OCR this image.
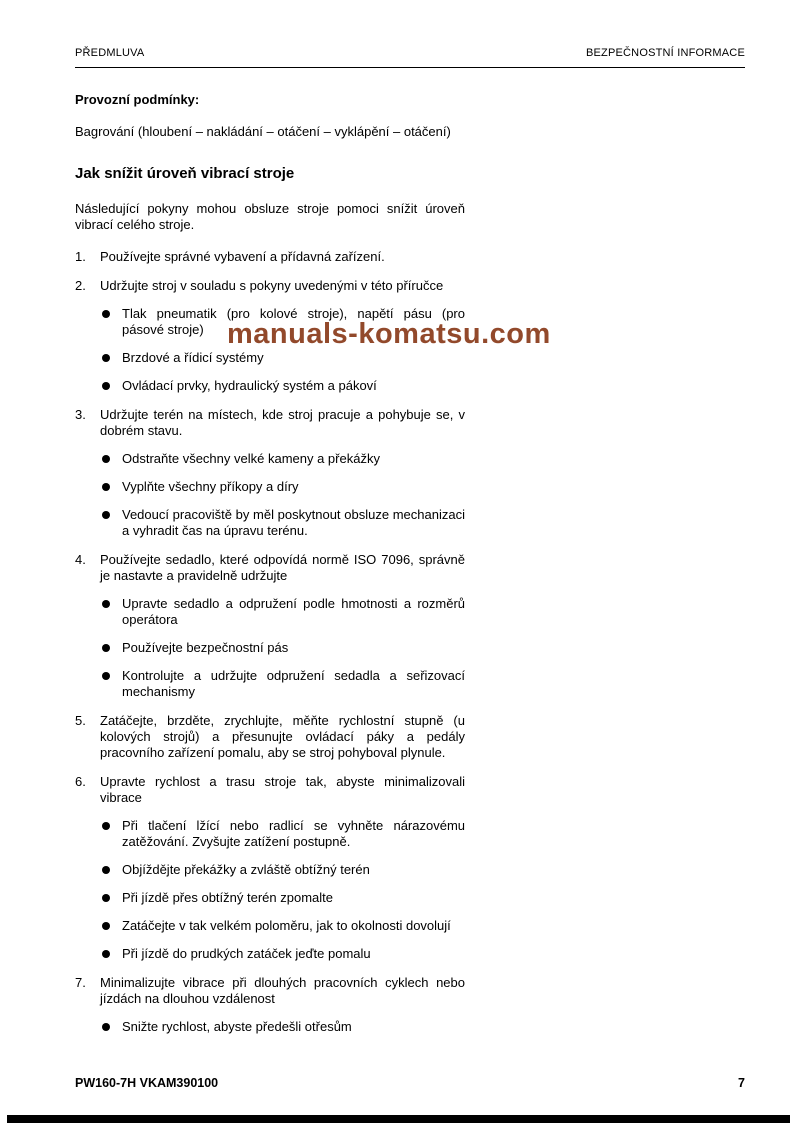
PŘEDMLUVA	BEZPEČNOSTNÍ INFORMACE
Provozní podmínky:
Bagrování (hloubení – nakládání – otáčení – vyklápění – otáčení)
Jak snížit úroveň vibrací stroje
Následující pokyny mohou obsluze stroje pomoci snížit úroveň vibrací celého stroje.
1.	Používejte správné vybavení a přídavná zařízení.
2.	Udržujte stroj v souladu s pokyny uvedenými v této příručce
Tlak pneumatik (pro kolové stroje), napětí pásu (pro pásové stroje)
Brzdové a řídicí systémy
Ovládací prvky, hydraulický systém a pákoví
3.	Udržujte terén na místech, kde stroj pracuje a pohybuje se, v dobrém stavu.
Odstraňte všechny velké kameny a překážky
Vyplňte všechny příkopy a díry
Vedoucí pracoviště by měl poskytnout obsluze mechanizaci a vyhradit čas na úpravu terénu.
4.	Používejte sedadlo, které odpovídá normě ISO 7096, správně je nastavte a pravidelně udržujte
Upravte sedadlo a odpružení podle hmotnosti a rozměrů operátora
Používejte bezpečnostní pás
Kontrolujte a udržujte odpružení sedadla a seřizovací mechanismy
5.	Zatáčejte, brzděte, zrychlujte, měňte rychlostní stupně (u kolových strojů) a přesunujte ovládací páky a pedály pracovního zařízení pomalu, aby se stroj pohyboval plynule.
6.	Upravte rychlost a trasu stroje tak, abyste minimalizovali vibrace
Při tlačení lžící nebo radlicí se vyhněte nárazovému zatěžování. Zvyšujte zatížení postupně.
Objíždějte překážky a zvláště obtížný terén
Při jízdě přes obtížný terén zpomalte
Zatáčejte v tak velkém poloměru, jak to okolnosti dovolují
Při jízdě do prudkých zatáček jeďte pomalu
7.	Minimalizujte vibrace při dlouhých pracovních cyklech nebo jízdách na dlouhou vzdálenost
Snižte rychlost, abyste předešli otřesům
manuals-komatsu.com
PW160-7H VKAM390100	7
